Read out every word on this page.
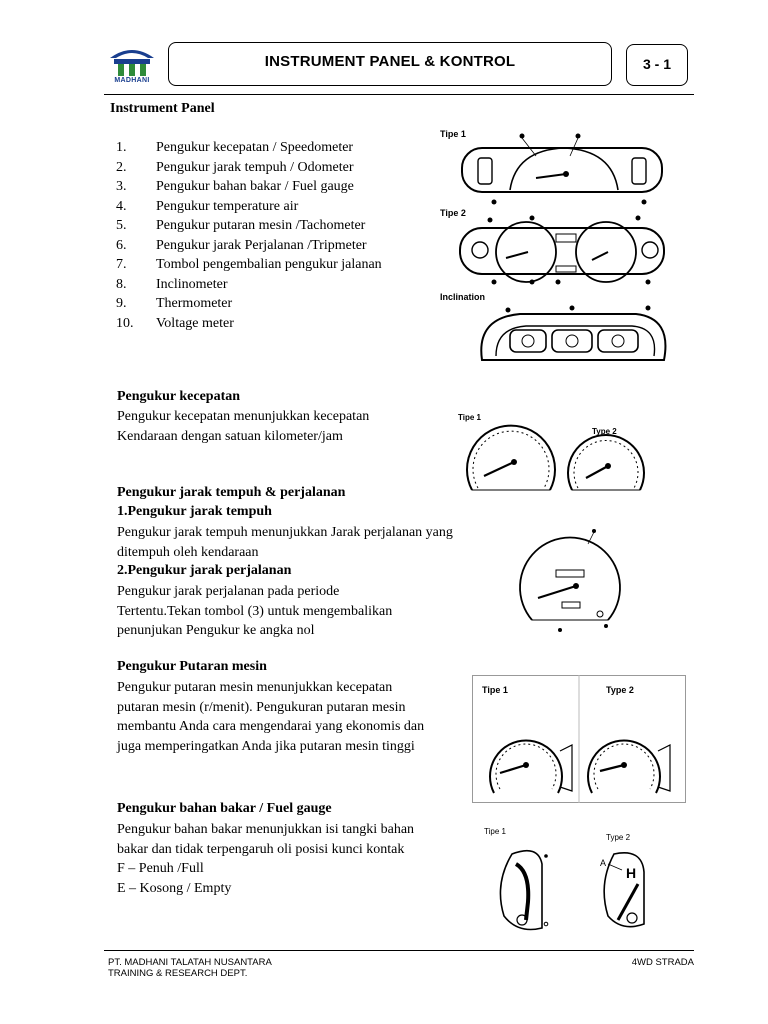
MADHANI
INSTRUMENT PANEL & KONTROL	3 - 1
Instrument Panel
1. Pengukur kecepatan / Speedometer
2. Pengukur jarak tempuh / Odometer
3. Pengukur bahan bakar / Fuel gauge
4. Pengukur temperature air
5. Pengukur putaran mesin /Tachometer
6. Pengukur jarak Perjalanan /Tripmeter
7. Tombol pengembalian pengukur jalanan
8. Inclinometer
9. Thermometer
10. Voltage meter
Tipe 1
Tipe 2
Inclination
Pengukur kecepatan
Pengukur kecepatan menunjukkan kecepatan
Kendaraan dengan satuan kilometer/jam
Tipe 1
Type 2
Pengukur jarak tempuh & perjalanan
1.Pengukur jarak tempuh
Pengukur jarak tempuh menunjukkan Jarak perjalanan yang
ditempuh oleh kendaraan
2.Pengukur jarak perjalanan
Pengukur jarak perjalanan pada periode
Tertentu.Tekan tombol (3) untuk mengembalikan
penunjukan Pengukur ke angka nol
Pengukur Putaran mesin
Pengukur putaran mesin menunjukkan kecepatan
putaran mesin (r/menit). Pengukuran putaran mesin
membantu Anda cara mengendarai yang ekonomis dan
juga memperingatkan Anda jika putaran mesin tinggi
Tipe 1	Type 2
Pengukur bahan bakar / Fuel gauge
Pengukur bahan bakar menunjukkan isi tangki bahan
bakar dan tidak terpengaruh oli posisi kunci kontak
F – Penuh /Full
E – Kosong / Empty
Tipe 1
Type 2
H
A
PT. MADHANI TALATAH NUSANTARA
TRAINING & RESEARCH DEPT.
4WD STRADA
